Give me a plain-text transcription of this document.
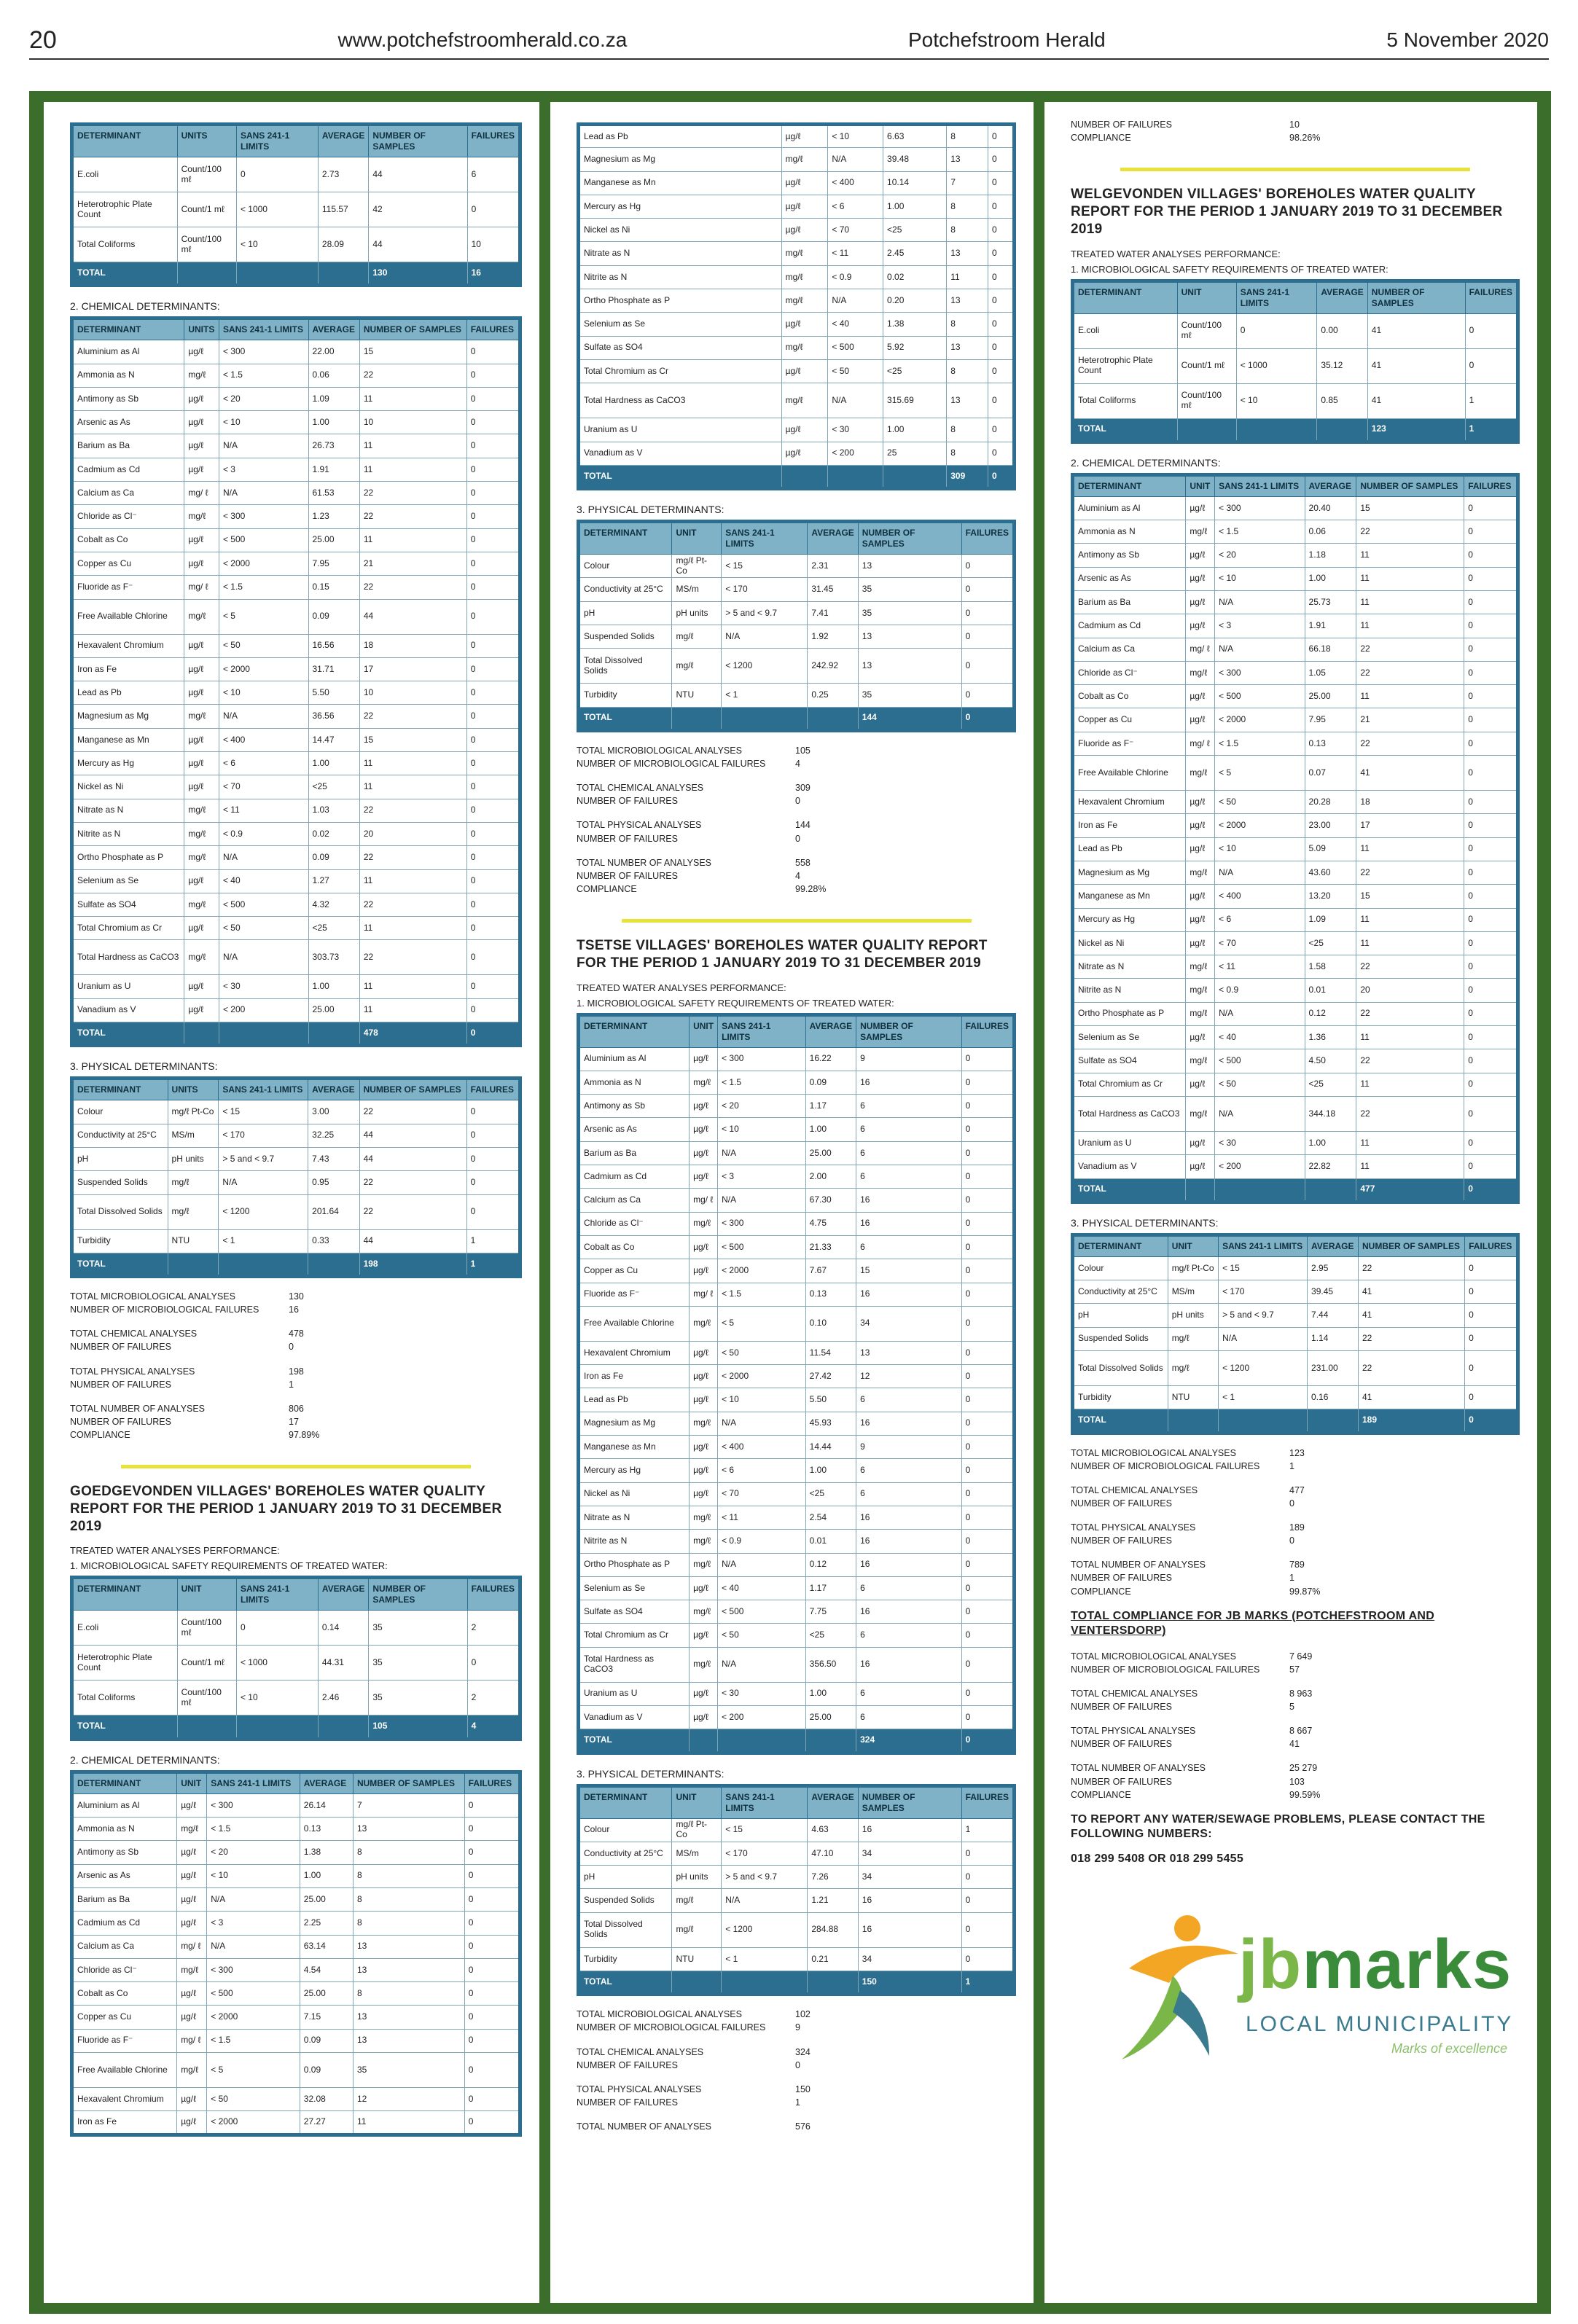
20	www.potchefstroomherald.co.za	Potchefstroom Herald	5 November 2020
DETERMINANT	UNITS	SANS 241-1 LIMITS	AVERAGE	NUMBER OF SAMPLES	FAILURES
E.coli	Count/100 mℓ	0	2.73	44	6
Heterotrophic Plate Count	Count/1 mℓ	< 1000	115.57	42	0
Total Coliforms	Count/100 mℓ	< 10	28.09	44	10
TOTAL				130	16
2. CHEMICAL DETERMINANTS:
DETERMINANT	UNITS	SANS 241-1 LIMITS	AVERAGE	NUMBER OF SAMPLES	FAILURES
Aluminium as Al	µg/ℓ	< 300	22.00	15	0
Ammonia as N	mg/ℓ	< 1.5	0.06	22	0
Antimony as Sb	µg/ℓ	< 20	1.09	11	0
Arsenic as As	µg/ℓ	< 10	1.00	10	0
Barium as Ba	µg/ℓ	N/A	26.73	11	0
Cadmium as Cd	µg/ℓ	< 3	1.91	11	0
Calcium as Ca	mg/ ℓ	N/A	61.53	22	0
Chloride as Cl⁻	mg/ℓ	< 300	1.23	22	0
Cobalt as Co	µg/ℓ	< 500	25.00	11	0
Copper as Cu	µg/ℓ	< 2000	7.95	21	0
Fluoride as F⁻	mg/ ℓ	< 1.5	0.15	22	0
Free Available Chlorine	mg/ℓ	< 5	0.09	44	0
Hexavalent Chromium	µg/ℓ	< 50	16.56	18	0
Iron as Fe	µg/ℓ	< 2000	31.71	17	0
Lead as Pb	µg/ℓ	< 10	5.50	10	0
Magnesium as Mg	mg/ℓ	N/A	36.56	22	0
Manganese as Mn	µg/ℓ	< 400	14.47	15	0
Mercury as Hg	µg/ℓ	< 6	1.00	11	0
Nickel as Ni	µg/ℓ	< 70	<25	11	0
Nitrate as N	mg/ℓ	< 11	1.03	22	0
Nitrite as N	mg/ℓ	< 0.9	0.02	20	0
Ortho Phosphate as P	mg/ℓ	N/A	0.09	22	0
Selenium as Se	µg/ℓ	< 40	1.27	11	0
Sulfate as SO4	mg/ℓ	< 500	4.32	22	0
Total Chromium as Cr	µg/ℓ	< 50	<25	11	0
Total Hardness as CaCO3	mg/ℓ	N/A	303.73	22	0
Uranium as U	µg/ℓ	< 30	1.00	11	0
Vanadium as V	µg/ℓ	< 200	25.00	11	0
TOTAL				478	0
3. PHYSICAL DETERMINANTS:
DETERMINANT	UNITS	SANS 241-1 LIMITS	AVERAGE	NUMBER OF SAMPLES	FAILURES
Colour	mg/ℓ Pt-Co	< 15	3.00	22	0
Conductivity at 25°C	MS/m	< 170	32.25	44	0
pH	pH units	> 5 and < 9.7	7.43	44	0
Suspended Solids	mg/ℓ	N/A	0.95	22	0
Total Dissolved Solids	mg/ℓ	< 1200	201.64	22	0
Turbidity	NTU	< 1	0.33	44	1
TOTAL				198	1
TOTAL MICROBIOLOGICAL ANALYSES	130
NUMBER OF MICROBIOLOGICAL FAILURES	16
TOTAL CHEMICAL ANALYSES	478
NUMBER OF FAILURES	0
TOTAL PHYSICAL ANALYSES	198
NUMBER OF FAILURES	1
TOTAL NUMBER OF ANALYSES	806
NUMBER OF FAILURES	17
COMPLIANCE	97.89%
GOEDGEVONDEN VILLAGES' BOREHOLES WATER QUALITY REPORT FOR THE PERIOD 1 JANUARY 2019 TO 31 DECEMBER 2019
TREATED WATER ANALYSES PERFORMANCE:
1. MICROBIOLOGICAL SAFETY REQUIREMENTS OF TREATED WATER:
DETERMINANT	UNIT	SANS 241-1 LIMITS	AVERAGE	NUMBER OF SAMPLES	FAILURES
E.coli	Count/100 mℓ	0	0.14	35	2
Heterotrophic Plate Count	Count/1 mℓ	< 1000	44.31	35	0
Total Coliforms	Count/100 mℓ	< 10	2.46	35	2
TOTAL				105	4
2. CHEMICAL DETERMINANTS:
DETERMINANT	UNIT	SANS 241-1 LIMITS	AVERAGE	NUMBER OF SAMPLES	FAILURES
Aluminium as Al	µg/ℓ	< 300	26.14	7	0
Ammonia as N	mg/ℓ	< 1.5	0.13	13	0
Antimony as Sb	µg/ℓ	< 20	1.38	8	0
Arsenic as As	µg/ℓ	< 10	1.00	8	0
Barium as Ba	µg/ℓ	N/A	25.00	8	0
Cadmium as Cd	µg/ℓ	< 3	2.25	8	0
Calcium as Ca	mg/ ℓ	N/A	63.14	13	0
Chloride as Cl⁻	mg/ℓ	< 300	4.54	13	0
Cobalt as Co	µg/ℓ	< 500	25.00	8	0
Copper as Cu	µg/ℓ	< 2000	7.15	13	0
Fluoride as F⁻	mg/ ℓ	< 1.5	0.09	13	0
Free Available Chlorine	mg/ℓ	< 5	0.09	35	0
Hexavalent Chromium	µg/ℓ	< 50	32.08	12	0
Iron as Fe	µg/ℓ	< 2000	27.27	11	0
Lead as Pb	µg/ℓ	< 10	6.63	8	0
Magnesium as Mg	mg/ℓ	N/A	39.48	13	0
Manganese as Mn	µg/ℓ	< 400	10.14	7	0
Mercury as Hg	µg/ℓ	< 6	1.00	8	0
Nickel as Ni	µg/ℓ	< 70	<25	8	0
Nitrate as N	mg/ℓ	< 11	2.45	13	0
Nitrite as N	mg/ℓ	< 0.9	0.02	11	0
Ortho Phosphate as P	mg/ℓ	N/A	0.20	13	0
Selenium as Se	µg/ℓ	< 40	1.38	8	0
Sulfate as SO4	mg/ℓ	< 500	5.92	13	0
Total Chromium as Cr	µg/ℓ	< 50	<25	8	0
Total Hardness as CaCO3	mg/ℓ	N/A	315.69	13	0
Uranium as U	µg/ℓ	< 30	1.00	8	0
Vanadium as V	µg/ℓ	< 200	25	8	0
TOTAL				309	0
3. PHYSICAL DETERMINANTS:
DETERMINANT	UNIT	SANS 241-1 LIMITS	AVERAGE	NUMBER OF SAMPLES	FAILURES
Colour	mg/ℓ Pt-Co	< 15	2.31	13	0
Conductivity at 25°C	MS/m	< 170	31.45	35	0
pH	pH units	> 5 and < 9.7	7.41	35	0
Suspended Solids	mg/ℓ	N/A	1.92	13	0
Total Dissolved Solids	mg/ℓ	< 1200	242.92	13	0
Turbidity	NTU	< 1	0.25	35	0
TOTAL				144	0
TOTAL MICROBIOLOGICAL ANALYSES	105
NUMBER OF MICROBIOLOGICAL FAILURES	4
TOTAL CHEMICAL ANALYSES	309
NUMBER OF FAILURES	0
TOTAL PHYSICAL ANALYSES	144
NUMBER OF FAILURES	0
TOTAL NUMBER OF ANALYSES	558
NUMBER OF FAILURES	4
COMPLIANCE	99.28%
TSETSE VILLAGES' BOREHOLES WATER QUALITY REPORT FOR THE PERIOD 1 JANUARY 2019 TO 31 DECEMBER 2019
TREATED WATER ANALYSES PERFORMANCE:
1. MICROBIOLOGICAL SAFETY REQUIREMENTS OF TREATED WATER:
DETERMINANT	UNIT	SANS 241-1 LIMITS	AVERAGE	NUMBER OF SAMPLES	FAILURES
Aluminium as Al	µg/ℓ	< 300	16.22	9	0
Ammonia as N	mg/ℓ	< 1.5	0.09	16	0
Antimony as Sb	µg/ℓ	< 20	1.17	6	0
Arsenic as As	µg/ℓ	< 10	1.00	6	0
Barium as Ba	µg/ℓ	N/A	25.00	6	0
Cadmium as Cd	µg/ℓ	< 3	2.00	6	0
Calcium as Ca	mg/ ℓ	N/A	67.30	16	0
Chloride as Cl⁻	mg/ℓ	< 300	4.75	16	0
Cobalt as Co	µg/ℓ	< 500	21.33	6	0
Copper as Cu	µg/ℓ	< 2000	7.67	15	0
Fluoride as F⁻	mg/ ℓ	< 1.5	0.13	16	0
Free Available Chlorine	mg/ℓ	< 5	0.10	34	0
Hexavalent Chromium	µg/ℓ	< 50	11.54	13	0
Iron as Fe	µg/ℓ	< 2000	27.42	12	0
Lead as Pb	µg/ℓ	< 10	5.50	6	0
Magnesium as Mg	mg/ℓ	N/A	45.93	16	0
Manganese as Mn	µg/ℓ	< 400	14.44	9	0
Mercury as Hg	µg/ℓ	< 6	1.00	6	0
Nickel as Ni	µg/ℓ	< 70	<25	6	0
Nitrate as N	mg/ℓ	< 11	2.54	16	0
Nitrite as N	mg/ℓ	< 0.9	0.01	16	0
Ortho Phosphate as P	mg/ℓ	N/A	0.12	16	0
Selenium as Se	µg/ℓ	< 40	1.17	6	0
Sulfate as SO4	mg/ℓ	< 500	7.75	16	0
Total Chromium as Cr	µg/ℓ	< 50	<25	6	0
Total Hardness as CaCO3	mg/ℓ	N/A	356.50	16	0
Uranium as U	µg/ℓ	< 30	1.00	6	0
Vanadium as V	µg/ℓ	< 200	25.00	6	0
TOTAL				324	0
3. PHYSICAL DETERMINANTS:
DETERMINANT	UNIT	SANS 241-1 LIMITS	AVERAGE	NUMBER OF SAMPLES	FAILURES
Colour	mg/ℓ Pt-Co	< 15	4.63	16	1
Conductivity at 25°C	MS/m	< 170	47.10	34	0
pH	pH units	> 5 and < 9.7	7.26	34	0
Suspended Solids	mg/ℓ	N/A	1.21	16	0
Total Dissolved Solids	mg/ℓ	< 1200	284.88	16	0
Turbidity	NTU	< 1	0.21	34	0
TOTAL				150	1
TOTAL MICROBIOLOGICAL ANALYSES	102
NUMBER OF MICROBIOLOGICAL FAILURES	9
TOTAL CHEMICAL ANALYSES	324
NUMBER OF FAILURES	0
TOTAL PHYSICAL ANALYSES	150
NUMBER OF FAILURES	1
TOTAL NUMBER OF ANALYSES	576
NUMBER OF FAILURES	10
COMPLIANCE	98.26%
WELGEVONDEN VILLAGES' BOREHOLES WATER QUALITY REPORT FOR THE PERIOD 1 JANUARY 2019 TO 31 DECEMBER 2019
TREATED WATER ANALYSES PERFORMANCE:
1. MICROBIOLOGICAL SAFETY REQUIREMENTS OF TREATED WATER:
DETERMINANT	UNIT	SANS 241-1 LIMITS	AVERAGE	NUMBER OF SAMPLES	FAILURES
E.coli	Count/100 mℓ	0	0.00	41	0
Heterotrophic Plate Count	Count/1 mℓ	< 1000	35.12	41	0
Total Coliforms	Count/100 mℓ	< 10	0.85	41	1
TOTAL				123	1
2. CHEMICAL DETERMINANTS:
DETERMINANT	UNIT	SANS 241-1 LIMITS	AVERAGE	NUMBER OF SAMPLES	FAILURES
Aluminium as Al	µg/ℓ	< 300	20.40	15	0
Ammonia as N	mg/ℓ	< 1.5	0.06	22	0
Antimony as Sb	µg/ℓ	< 20	1.18	11	0
Arsenic as As	µg/ℓ	< 10	1.00	11	0
Barium as Ba	µg/ℓ	N/A	25.73	11	0
Cadmium as Cd	µg/ℓ	< 3	1.91	11	0
Calcium as Ca	mg/ ℓ	N/A	66.18	22	0
Chloride as Cl⁻	mg/ℓ	< 300	1.05	22	0
Cobalt as Co	µg/ℓ	< 500	25.00	11	0
Copper as Cu	µg/ℓ	< 2000	7.95	21	0
Fluoride as F⁻	mg/ ℓ	< 1.5	0.13	22	0
Free Available Chlorine	mg/ℓ	< 5	0.07	41	0
Hexavalent Chromium	µg/ℓ	< 50	20.28	18	0
Iron as Fe	µg/ℓ	< 2000	23.00	17	0
Lead as Pb	µg/ℓ	< 10	5.09	11	0
Magnesium as Mg	mg/ℓ	N/A	43.60	22	0
Manganese as Mn	µg/ℓ	< 400	13.20	15	0
Mercury as Hg	µg/ℓ	< 6	1.09	11	0
Nickel as Ni	µg/ℓ	< 70	<25	11	0
Nitrate as N	mg/ℓ	< 11	1.58	22	0
Nitrite as N	mg/ℓ	< 0.9	0.01	20	0
Ortho Phosphate as P	mg/ℓ	N/A	0.12	22	0
Selenium as Se	µg/ℓ	< 40	1.36	11	0
Sulfate as SO4	mg/ℓ	< 500	4.50	22	0
Total Chromium as Cr	µg/ℓ	< 50	<25	11	0
Total Hardness as CaCO3	mg/ℓ	N/A	344.18	22	0
Uranium as U	µg/ℓ	< 30	1.00	11	0
Vanadium as V	µg/ℓ	< 200	22.82	11	0
TOTAL				477	0
3. PHYSICAL DETERMINANTS:
DETERMINANT	UNIT	SANS 241-1 LIMITS	AVERAGE	NUMBER OF SAMPLES	FAILURES
Colour	mg/ℓ Pt-Co	< 15	2.95	22	0
Conductivity at 25°C	MS/m	< 170	39.45	41	0
pH	pH units	> 5 and < 9.7	7.44	41	0
Suspended Solids	mg/ℓ	N/A	1.14	22	0
Total Dissolved Solids	mg/ℓ	< 1200	231.00	22	0
Turbidity	NTU	< 1	0.16	41	0
TOTAL				189	0
TOTAL MICROBIOLOGICAL ANALYSES	123
NUMBER OF MICROBIOLOGICAL FAILURES	1
TOTAL CHEMICAL ANALYSES	477
NUMBER OF FAILURES	0
TOTAL PHYSICAL ANALYSES	189
NUMBER OF FAILURES	0
TOTAL NUMBER OF ANALYSES	789
NUMBER OF FAILURES	1
COMPLIANCE	99.87%
TOTAL COMPLIANCE FOR JB MARKS (POTCHEFSTROOM AND VENTERSDORP)
TOTAL MICROBIOLOGICAL ANALYSES	7 649
NUMBER OF MICROBIOLOGICAL FAILURES	57
TOTAL CHEMICAL ANALYSES	8 963
NUMBER OF FAILURES	5
TOTAL PHYSICAL ANALYSES	8 667
NUMBER OF FAILURES	41
TOTAL NUMBER OF ANALYSES	25 279
NUMBER OF FAILURES	103
COMPLIANCE	99.59%
TO REPORT ANY WATER/SEWAGE PROBLEMS, PLEASE CONTACT THE FOLLOWING NUMBERS:
018 299 5408 OR 018 299 5455
jbmarks
LOCAL MUNICIPALITY
Marks of excellence
